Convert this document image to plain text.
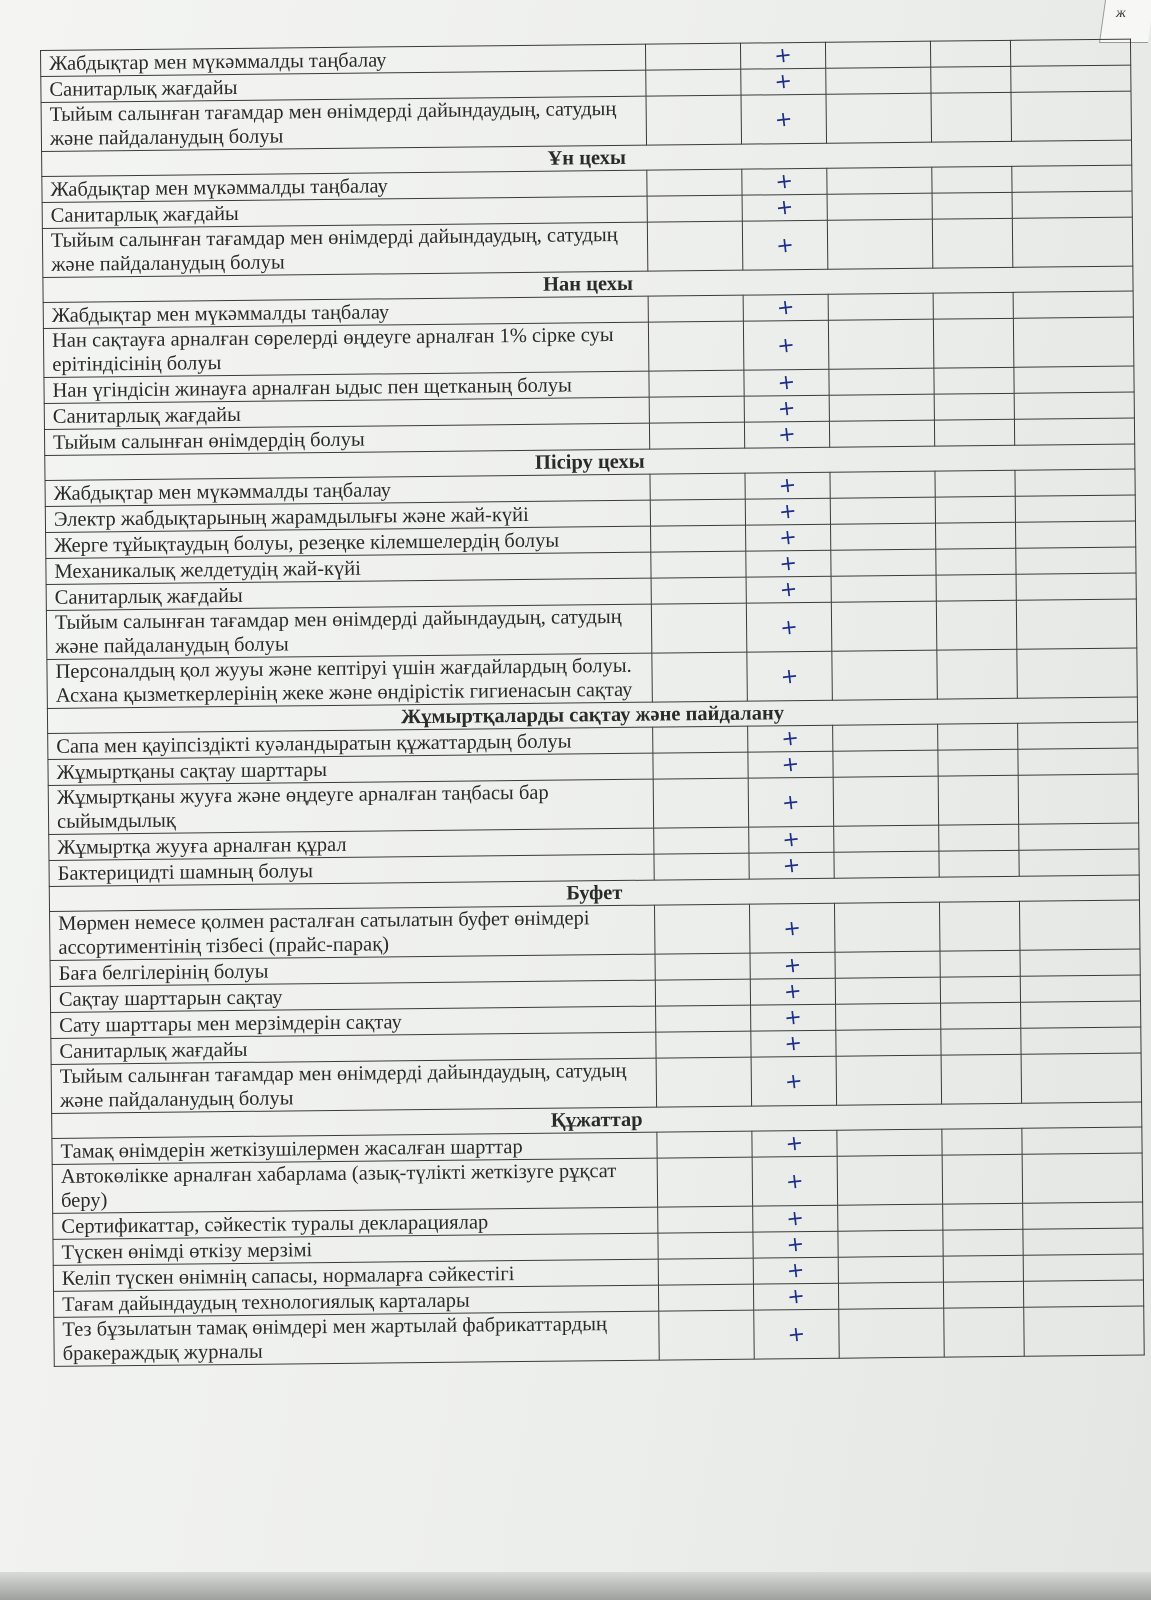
ж
Жабдықтар мен мүкәммалды таңбалау		+			
Санитарлық жағдайы		+			
Тыйым салынған тағамдар мен өнімдерді дайындаудың, сатудың және пайдаланудың болуы		+			
Ұн цехы					
Жабдықтар мен мүкәммалды таңбалау		+			
Санитарлық жағдайы		+			
Тыйым салынған тағамдар мен өнімдерді дайындаудың, сатудың және пайдаланудың болуы		+			
Нан цехы					
Жабдықтар мен мүкәммалды таңбалау		+			
Нан сақтауға арналған сөрелерді өңдеуге арналған 1% сірке суы ерітіндісінің болуы		+			
Нан үгіндісін жинауға арналған ыдыс пен щетканың болуы		+			
Санитарлық жағдайы		+			
Тыйым салынған өнімдердің болуы		+			
Пісіру цехы					
Жабдықтар мен мүкәммалды таңбалау		+			
Электр жабдықтарының жарамдылығы және жай-күйі		+			
Жерге тұйықтаудың болуы, резеңке кілемшелердің болуы		+			
Механикалық желдетудің жай-күйі		+			
Санитарлық жағдайы		+			
Тыйым салынған тағамдар мен өнімдерді дайындаудың, сатудың және пайдаланудың болуы		+			
Персоналдың қол жууы және кептіруі үшін жағдайлардың болуы. Асхана қызметкерлерінің жеке және өндірістік гигиенасын сақтау		+			
Жұмыртқаларды сақтау және пайдалану					
Сапа мен қауіпсіздікті куәландыратын құжаттардың болуы		+			
Жұмыртқаны сақтау шарттары		+			
Жұмыртқаны жууға және өңдеуге арналған таңбасы бар сыйымдылық		+			
Жұмыртқа жууға арналған құрал		+			
Бактерицидті шамның болуы		+			
Буфет					
Мөрмен немесе қолмен расталған сатылатын буфет өнімдері ассортиментінің тізбесі (прайс-парақ)		+			
Баға белгілерінің болуы		+			
Сақтау шарттарын сақтау		+			
Сату шарттары мен мерзімдерін сақтау		+			
Санитарлық жағдайы		+			
Тыйым салынған тағамдар мен өнімдерді дайындаудың, сатудың және пайдаланудың болуы		+			
Құжаттар					
Тамақ өнімдерін жеткізушілермен жасалған шарттар		+			
Автокөлікке арналған хабарлама (азық-түлікті жеткізуге рұқсат беру)		+			
Сертификаттар, сәйкестік туралы декларациялар		+			
Түскен өнімді өткізу мерзімі		+			
Келіп түскен өнімнің сапасы, нормаларға сәйкестігі		+			
Тағам дайындаудың технологиялық карталары		+			
Тез бұзылатын тамақ өнімдері мен жартылай фабрикаттардың бракераждық журналы		+			
